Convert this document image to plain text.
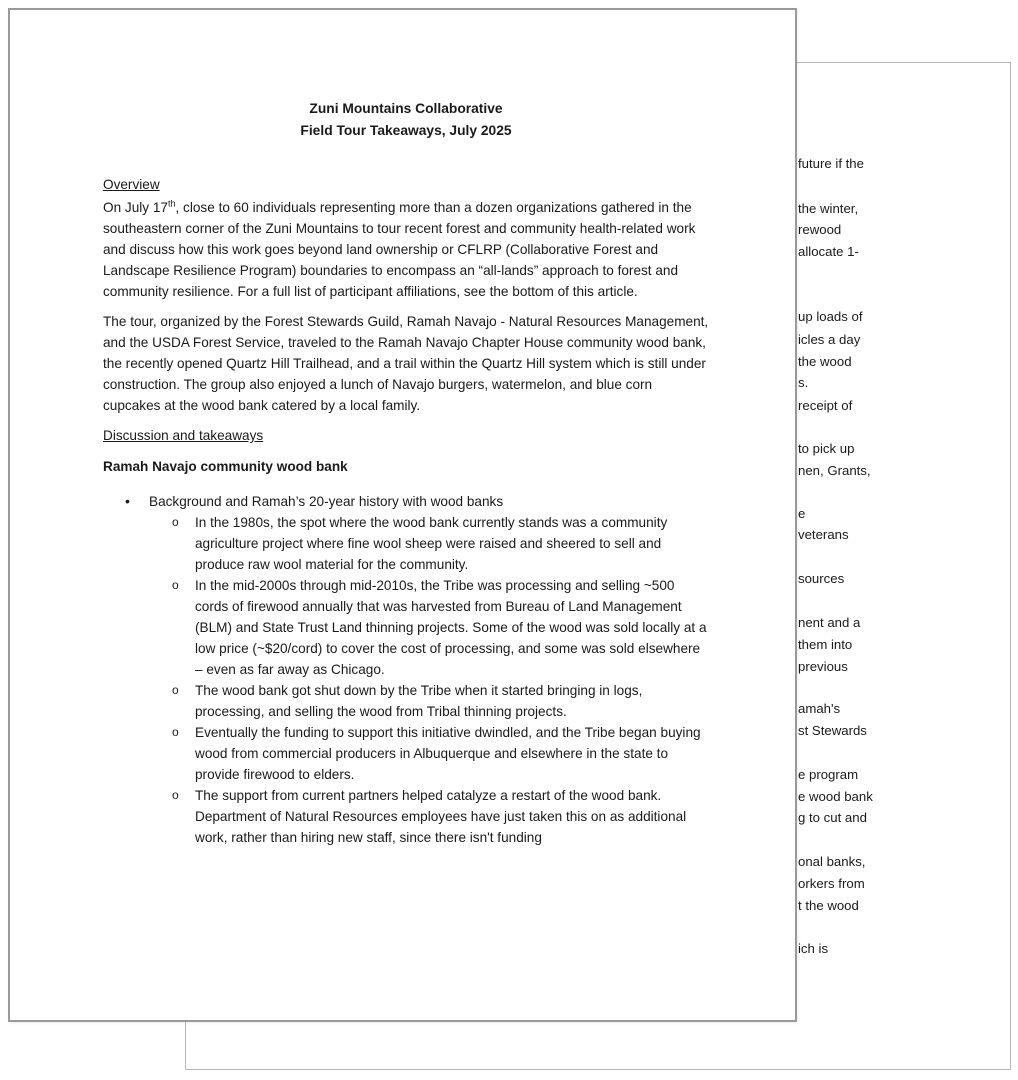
future if the
the winter,
rewood
allocate 1-
up loads of
icles a day
the wood
s.
receipt of
to pick up
nen, Grants,
e
veterans
sources
nent and a
them into
previous
amah's
st Stewards
e program
e wood bank
g to cut and
onal banks,
orkers from
t the wood
ich is
Zuni Mountains Collaborative
Field Tour Takeaways, July 2025

Overview

On July 17th, close to 60 individuals representing more than a dozen organizations gathered in the southeastern corner of the Zuni Mountains to tour recent forest and community health-related work and discuss how this work goes beyond land ownership or CFLRP (Collaborative Forest and Landscape Resilience Program) boundaries to encompass an “all-lands” approach to forest and community resilience. For a full list of participant affiliations, see the bottom of this article.

The tour, organized by the Forest Stewards Guild, Ramah Navajo - Natural Resources Management, and the USDA Forest Service, traveled to the Ramah Navajo Chapter House community wood bank, the recently opened Quartz Hill Trailhead, and a trail within the Quartz Hill system which is still under construction. The group also enjoyed a lunch of Navajo burgers, watermelon, and blue corn cupcakes at the wood bank catered by a local family.

Discussion and takeaways

Ramah Navajo community wood bank

• Background and Ramah’s 20-year history with wood banks
o In the 1980s, the spot where the wood bank currently stands was a community agriculture project where fine wool sheep were raised and sheered to sell and produce raw wool material for the community.
o In the mid-2000s through mid-2010s, the Tribe was processing and selling ~500 cords of firewood annually that was harvested from Bureau of Land Management (BLM) and State Trust Land thinning projects. Some of the wood was sold locally at a low price (~$20/cord) to cover the cost of processing, and some was sold elsewhere – even as far away as Chicago.
o The wood bank got shut down by the Tribe when it started bringing in logs, processing, and selling the wood from Tribal thinning projects.
o Eventually the funding to support this initiative dwindled, and the Tribe began buying wood from commercial producers in Albuquerque and elsewhere in the state to provide firewood to elders.
o The support from current partners helped catalyze a restart of the wood bank. Department of Natural Resources employees have just taken this on as additional work, rather than hiring new staff, since there isn't funding
